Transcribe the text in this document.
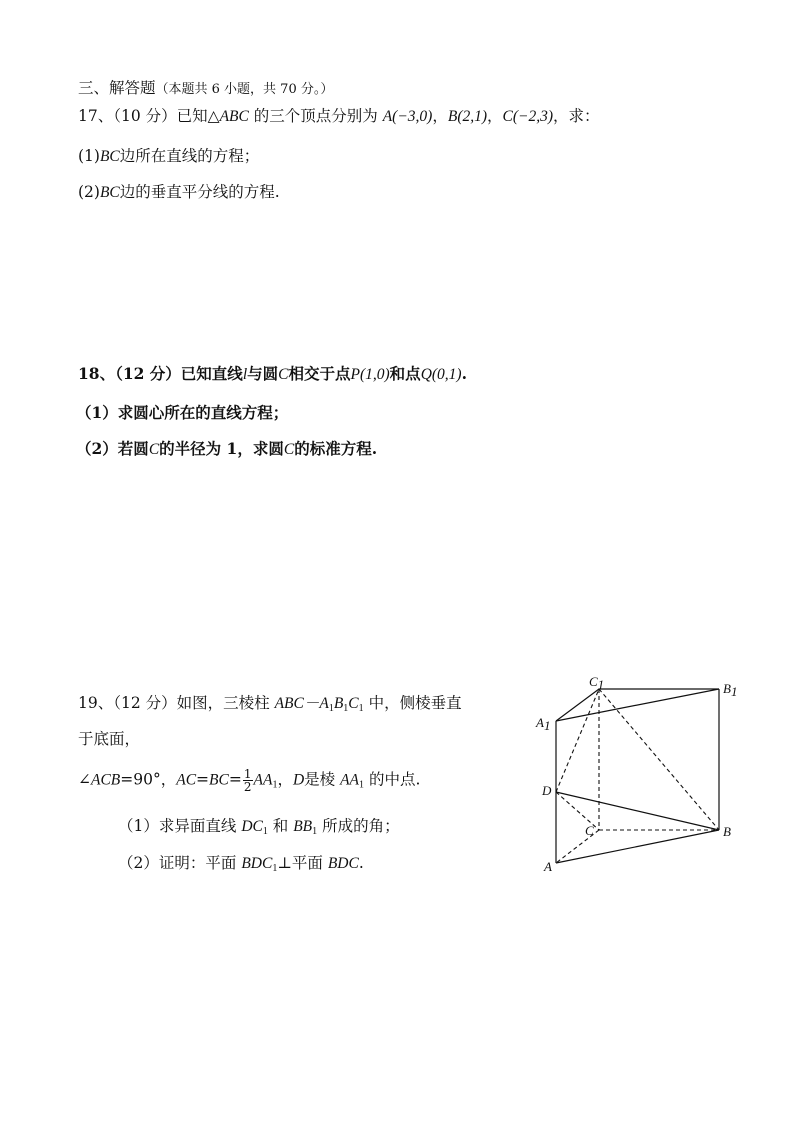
三、解答题（本题共 6 小题，共 70 分。）
17、（10 分）已知△ABC 的三个顶点分别为 A(−3,0)，B(2,1)，C(−2,3)，求：
(1)BC边所在直线的方程；
(2)BC边的垂直平分线的方程.
18、（12 分）已知直线l与圆C相交于点P(1,0)和点Q(0,1).
（1）求圆心所在的直线方程；
（2）若圆C的半径为 1，求圆C的标准方程.
19、（12 分）如图，三棱柱 $ABC-A_1B_1C_1$ 中，侧棱垂直
于底面，
∠ACB=90°，$AC=BC= \frac{1}{2} AA_1$，D是棱 $AA_1$ 的中点.
（1）求异面直线 $DC_1$ 和 $BB_1$ 所成的角；
（2）证明：平面 $BDC_1\perp$平面 BDC.
C1	B1
A1
D
C	B
A
